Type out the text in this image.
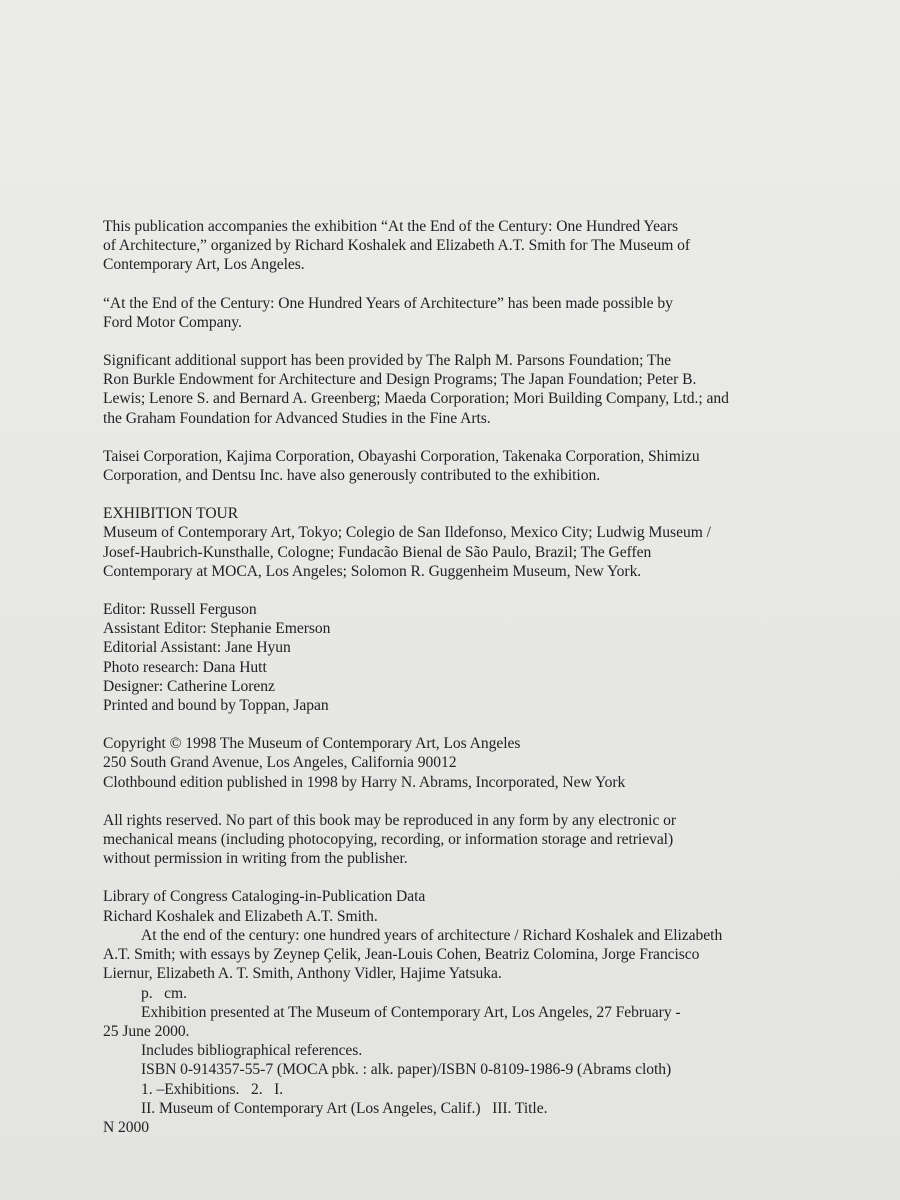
This publication accompanies the exhibition “At the End of the Century: One Hundred Years

of Architecture,” organized by Richard Koshalek and Elizabeth A.T. Smith for The Museum of

Contemporary Art, Los Angeles.

“At the End of the Century: One Hundred Years of Architecture” has been made possible by

Ford Motor Company.

Significant additional support has been provided by The Ralph M. Parsons Foundation; The

Ron Burkle Endowment for Architecture and Design Programs; The Japan Foundation; Peter B.

Lewis; Lenore S. and Bernard A. Greenberg; Maeda Corporation; Mori Building Company, Ltd.; and

the Graham Foundation for Advanced Studies in the Fine Arts.

Taisei Corporation, Kajima Corporation, Obayashi Corporation, Takenaka Corporation, Shimizu

Corporation, and Dentsu Inc. have also generously contributed to the exhibition.

EXHIBITION TOUR

Museum of Contemporary Art, Tokyo; Colegio de San Ildefonso, Mexico City; Ludwig Museum /

Josef-Haubrich-Kunsthalle, Cologne; Fundacão Bienal de São Paulo, Brazil; The Geffen

Contemporary at MOCA, Los Angeles; Solomon R. Guggenheim Museum, New York.

Editor: Russell Ferguson

Assistant Editor: Stephanie Emerson

Editorial Assistant: Jane Hyun

Photo research: Dana Hutt

Designer: Catherine Lorenz

Printed and bound by Toppan, Japan

Copyright © 1998 The Museum of Contemporary Art, Los Angeles

250 South Grand Avenue, Los Angeles, California 90012

Clothbound edition published in 1998 by Harry N. Abrams, Incorporated, New York

All rights reserved. No part of this book may be reproduced in any form by any electronic or

mechanical means (including photocopying, recording, or information storage and retrieval)

without permission in writing from the publisher.

Library of Congress Cataloging-in-Publication Data

Richard Koshalek and Elizabeth A.T. Smith.

At the end of the century: one hundred years of architecture / Richard Koshalek and Elizabeth

A.T. Smith; with essays by Zeynep Çelik, Jean-Louis Cohen, Beatriz Colomina, Jorge Francisco

Liernur, Elizabeth A. T. Smith, Anthony Vidler, Hajime Yatsuka.

p.   cm.

Exhibition presented at The Museum of Contemporary Art, Los Angeles, 27 February -

25 June 2000.

Includes bibliographical references.

ISBN 0-914357-55-7 (MOCA pbk. : alk. paper)/ISBN 0-8109-1986-9 (Abrams cloth)

1. –Exhibitions.   2.   I.

II. Museum of Contemporary Art (Los Angeles, Calif.)   III. Title.

N 2000
